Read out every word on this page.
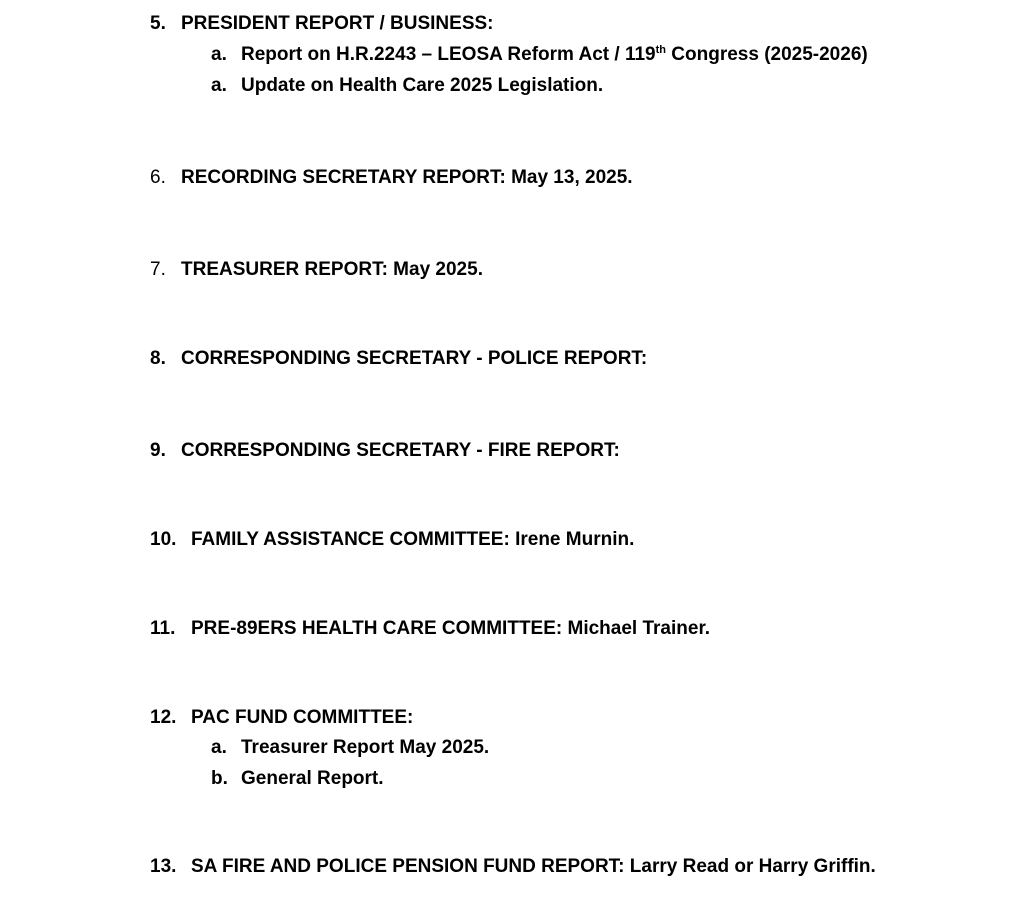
5. PRESIDENT REPORT / BUSINESS:
a. Report on H.R.2243 – LEOSA Reform Act / 119th Congress (2025-2026)
a. Update on Health Care 2025 Legislation.
6. RECORDING SECRETARY REPORT: May 13, 2025.
7. TREASURER REPORT: May 2025.
8. CORRESPONDING SECRETARY - POLICE REPORT:
9. CORRESPONDING SECRETARY - FIRE REPORT:
10. FAMILY ASSISTANCE COMMITTEE: Irene Murnin.
11. PRE-89ERS HEALTH CARE COMMITTEE: Michael Trainer.
12. PAC FUND COMMITTEE:
a. Treasurer Report May 2025.
b. General Report.
13. SA FIRE AND POLICE PENSION FUND REPORT: Larry Read or Harry Griffin.
